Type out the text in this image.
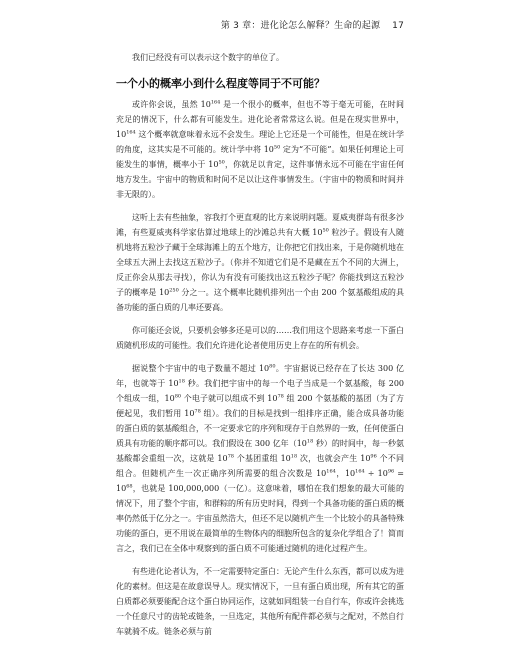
第 3 章：进化论怎么解释？生命的起源 17

我们已经没有可以表示这个数字的单位了。

一个小的概率小到什么程度等同于不可能？

或许你会说，虽然 $10^{164}$ 是一个很小的概率，但也不等于毫无可能，在时间充足的情况下，什么都有可能发生。进化论者常常这么说。但是在现实世界中，$10^{164}$ 这个概率就意味着永远不会发生。理论上它还是一个可能性，但是在统计学的角度，这其实是不可能的。统计学中将 $10^{50}$ 定为“不可能”。如果任何理论上可能发生的事情，概率小于 $10^{50}$，你就足以肯定，这件事情永远不可能在宇宙任何地方发生。宇宙中的物质和时间不足以让这件事情发生。（宇宙中的物质和时间并非无限的）。

这听上去有些抽象，容我打个更直观的比方来说明问题。夏威夷群岛有很多沙滩，有些夏威夷科学家估算过地球上的沙滩总共有大概 $10^{50}$ 粒沙子。假设有人随机地将五粒沙子藏于全球海滩上的五个地方，让你把它们找出来，于是你随机地在全球五大洲上去找这五粒沙子。（你并不知道它们是不是藏在五个不同的大洲上，反正你会从那去寻找），你认为有没有可能找出这五粒沙子呢？你能找到这五粒沙子的概率是 $10^{250}$ 分之一。这个概率比随机排列出一个由 200 个氨基酸组成的具备功能的蛋白质的几率还要高。

你可能还会说，只要机会够多还是可以的……我们用这个思路来考虑一下蛋白质随机形成的可能性。我们允许进化论者使用历史上存在的所有机会。

据说整个宇宙中的电子数量不超过 $10^{80}$。宇宙据说已经存在了长达 300 亿年，也就等于 $10^{18}$ 秒。我们把宇宙中的每一个电子当成是一个氨基酸，每 200 个组成一组，$10^{80}$ 个电子就可以组成不到 $10^{78}$ 组 200 个氨基酸的基团（为了方便起见，我们暂用 $10^{78}$ 组）。我们的目标是找到一组排序正确，能合成具备功能的蛋白质的氨基酸组合，不一定要求它的序列和现存于自然界的一致，任何使蛋白质具有功能的顺序都可以。我们假设在 300 亿年（$10^{18}$ 秒）的时间中，每一秒氨基酸都会重组一次，这就是 $10^{78}$ 个基团重组 $10^{18}$ 次，也就会产生 $10^{96}$ 个不同组合。但随机产生一次正确序列所需要的组合次数是 $10^{164}$，$10^{164} \div 10^{96} = 10^{68}$，也就是 100,000,000（一亿）。这意味着，哪怕在我们想象的最大可能的情况下，用了整个宇宙，和群粽的所有历史时间，得到一个具备功能的蛋白质的概率仍然低于亿分之一。宇宙虽然浩大，但还不足以随机产生一个比较小的具备特殊功能的蛋白，更不用说在最简单的生物体内的细胞所包含的复杂化学组合了！简而言之，我们已在全体中观察到的蛋白质不可能通过随机的进化过程产生。

有些进化论者认为，不一定需要特定蛋白：无论产生什么东西，都可以成为进化的素材。但这是在故意误导人。现实情况下，一旦有蛋白质出现，所有其它的蛋白质都必须要能配合这个蛋白协同运作，这就如同组装一台自行车，你或许会挑选一个任意尺寸的齿轮或链条，一旦选定，其他所有配件都必须与之配对，不然自行车就骑不成。链条必须与前
